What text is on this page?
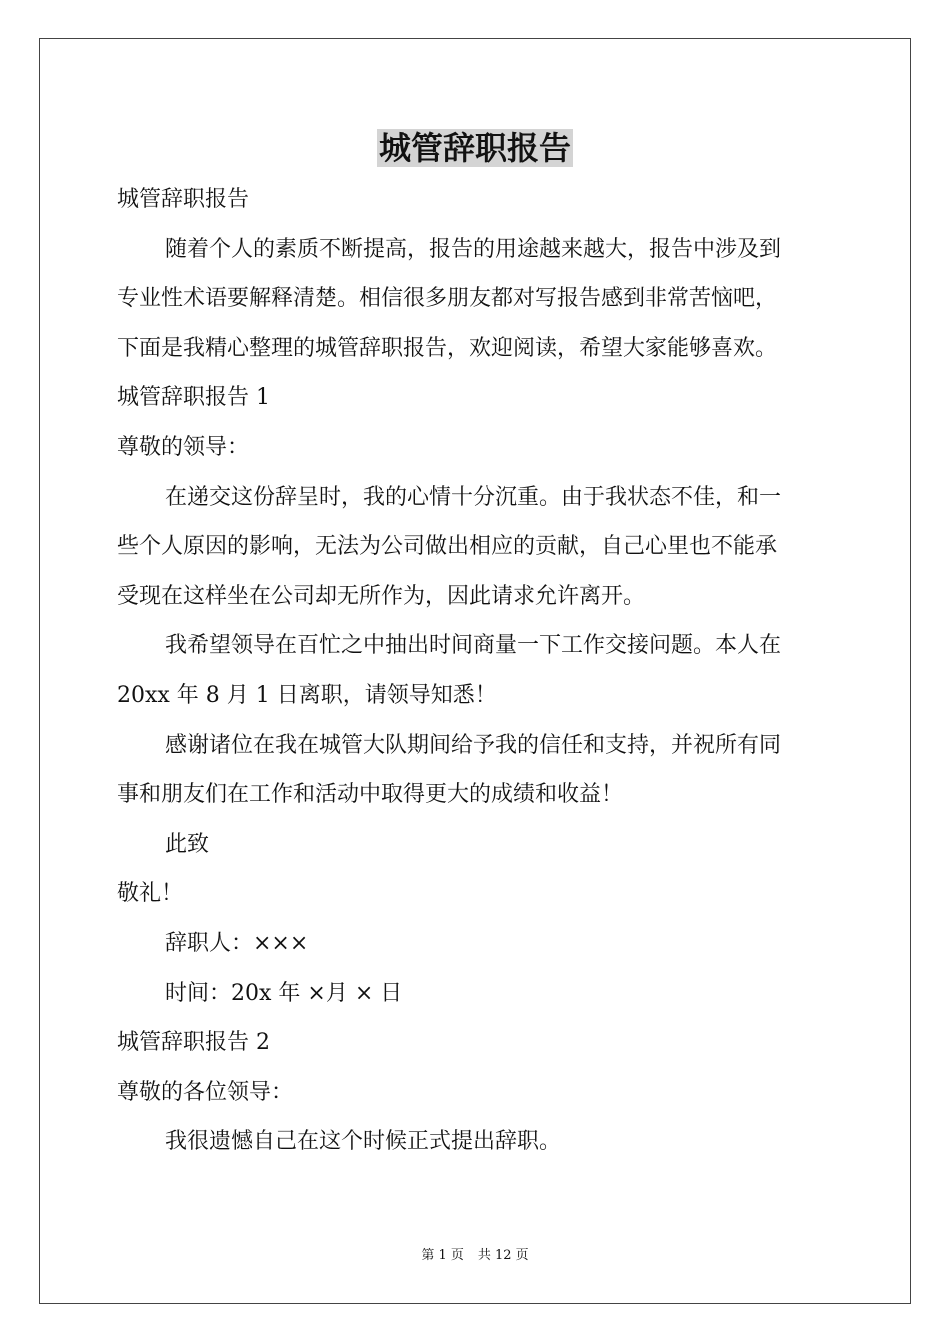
城管辞职报告
城管辞职报告
随着个人的素质不断提高，报告的用途越来越大，报告中涉及到
专业性术语要解释清楚。相信很多朋友都对写报告感到非常苦恼吧，
下面是我精心整理的城管辞职报告，欢迎阅读，希望大家能够喜欢。
城管辞职报告 1
尊敬的领导：
在递交这份辞呈时，我的心情十分沉重。由于我状态不佳，和一
些个人原因的影响，无法为公司做出相应的贡献，自己心里也不能承
受现在这样坐在公司却无所作为，因此请求允许离开。
我希望领导在百忙之中抽出时间商量一下工作交接问题。本人在
20xx 年 8 月 1 日离职，请领导知悉！
感谢诸位在我在城管大队期间给予我的信任和支持，并祝所有同
事和朋友们在工作和活动中取得更大的成绩和收益！
此致
敬礼！
辞职人：×××
时间：20x 年 ×月 × 日
城管辞职报告 2
尊敬的各位领导：
我很遗憾自己在这个时候正式提出辞职。
第 1 页 共 12 页
